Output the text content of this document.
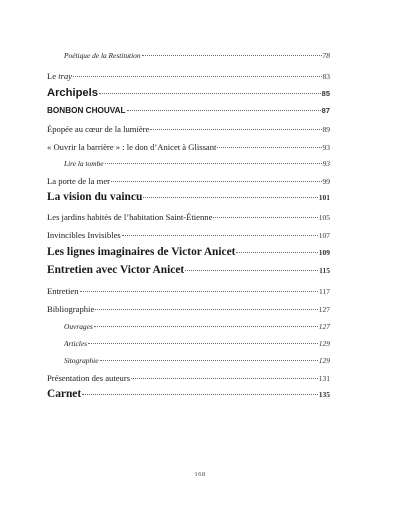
Poétique de la Restitution	78
Le tray	83
Archipels	85
BONBON CHOUVAL	87
Épopée au cœur de la lumière	89
« Ouvrir la barrière » : le don d’Anicet à Glissant	93
Lire la tombe	93
La porte de la mer	99
La vision du vaincu	101
Les jardins habités de l’habitation Saint-Étienne	105
Invincibles Invisibles	107
Les lignes imaginaires de Victor Anicet	109
Entretien avec Victor Anicet	115
Entretien	117
Bibliographie	127
Ouvrages	127
Articles	129
Sitographie	129
Présentation des auteurs	131
Carnet	135
168
